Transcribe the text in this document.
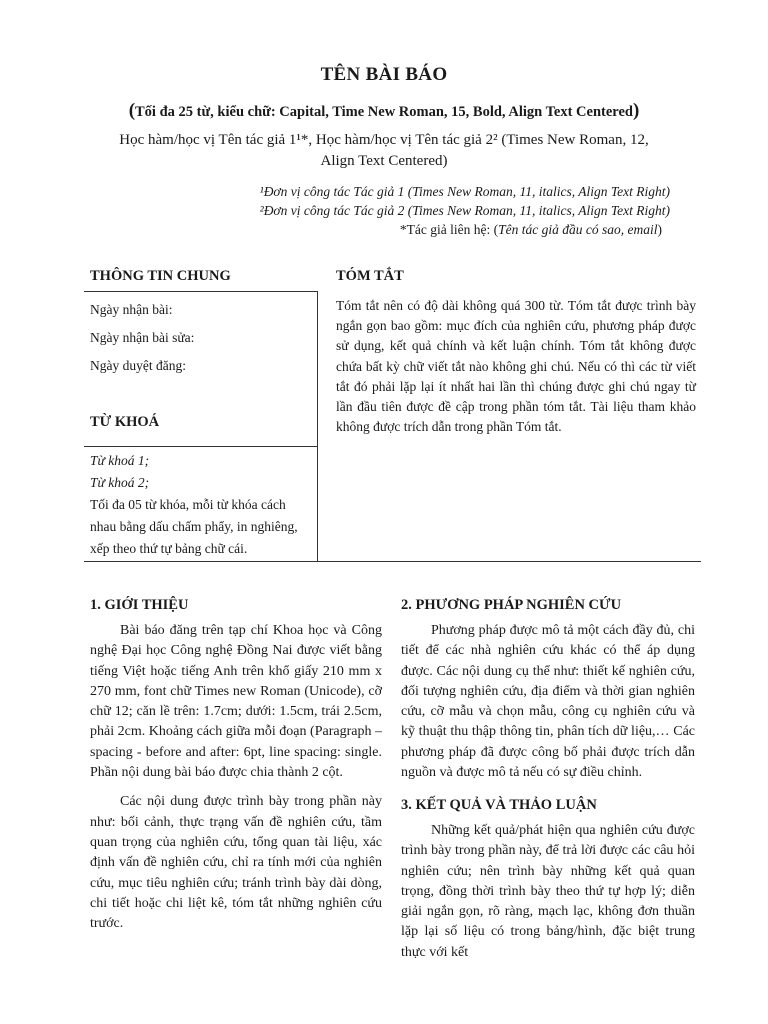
TÊN BÀI BÁO
(Tối đa 25 từ, kiểu chữ: Capital, Time New Roman, 15, Bold, Align Text Centered)
Học hàm/học vị Tên tác giả 1¹*, Học hàm/học vị Tên tác giả 2² (Times New Roman, 12,
Align Text Centered)
¹Đơn vị công tác Tác giả 1 (Times New Roman, 11, italics, Align Text Right)
²Đơn vị công tác Tác giả 2 (Times New Roman, 11, italics, Align Text Right)
*Tác giả liên hệ: (Tên tác giả đầu có sao, email)
THÔNG TIN CHUNG
Ngày nhận bài:
Ngày nhận bài sửa:
Ngày duyệt đăng:
TỪ KHOÁ
Từ khoá 1;
Từ khoá 2;
Tối đa 05 từ khóa, mỗi từ khóa cách nhau bằng dấu chấm phẩy, in nghiêng, xếp theo thứ tự bảng chữ cái.
TÓM TẮT
Tóm tắt nên có độ dài không quá 300 từ. Tóm tắt được trình bày ngắn gọn bao gồm: mục đích của nghiên cứu, phương pháp được sử dụng, kết quả chính và kết luận chính. Tóm tắt không được chứa bất kỳ chữ viết tắt nào không ghi chú. Nếu có thì các từ viết tắt đó phải lặp lại ít nhất hai lần thì chúng được ghi chú ngay từ lần đầu tiên được đề cập trong phần tóm tắt. Tài liệu tham khảo không được trích dẫn trong phần Tóm tắt.
1. GIỚI THIỆU

Bài báo đăng trên tạp chí Khoa học và Công nghệ Đại học Công nghệ Đồng Nai được viết bằng tiếng Việt hoặc tiếng Anh trên khổ giấy 210 mm x 270 mm, font chữ Times new Roman (Unicode), cỡ chữ 12; căn lề trên: 1.7cm; dưới: 1.5cm, trái 2.5cm, phải 2cm. Khoảng cách giữa mỗi đoạn (Paragraph – spacing - before and after: 6pt, line spacing: single. Phần nội dung bài báo được chia thành 2 cột.

Các nội dung được trình bày trong phần này như: bối cảnh, thực trạng vấn đề nghiên cứu, tầm quan trọng của nghiên cứu, tổng quan tài liệu, xác định vấn đề nghiên cứu, chỉ ra tính mới của nghiên cứu, mục tiêu nghiên cứu; tránh trình bày dài dòng, chi tiết hoặc chi liệt kê, tóm tắt những nghiên cứu trước.

2. PHƯƠNG PHÁP NGHIÊN CỨU

Phương pháp được mô tả một cách đầy đủ, chi tiết để các nhà nghiên cứu khác có thể áp dụng được. Các nội dung cụ thể như: thiết kế nghiên cứu, đối tượng nghiên cứu, địa điểm và thời gian nghiên cứu, cỡ mẫu và chọn mẫu, công cụ nghiên cứu và kỹ thuật thu thập thông tin, phân tích dữ liệu,… Các phương pháp đã được công bố phải được trích dẫn nguồn và được mô tả nếu có sự điều chỉnh.

3. KẾT QUẢ VÀ THẢO LUẬN

Những kết quả/phát hiện qua nghiên cứu được trình bày trong phần này, để trả lời được các câu hỏi nghiên cứu; nên trình bày những kết quả quan trọng, đồng thời trình bày theo thứ tự hợp lý; diễn giải ngắn gọn, rõ ràng, mạch lạc, không đơn thuần lặp lại số liệu có trong bảng/hình, đặc biệt trung thực với kết
